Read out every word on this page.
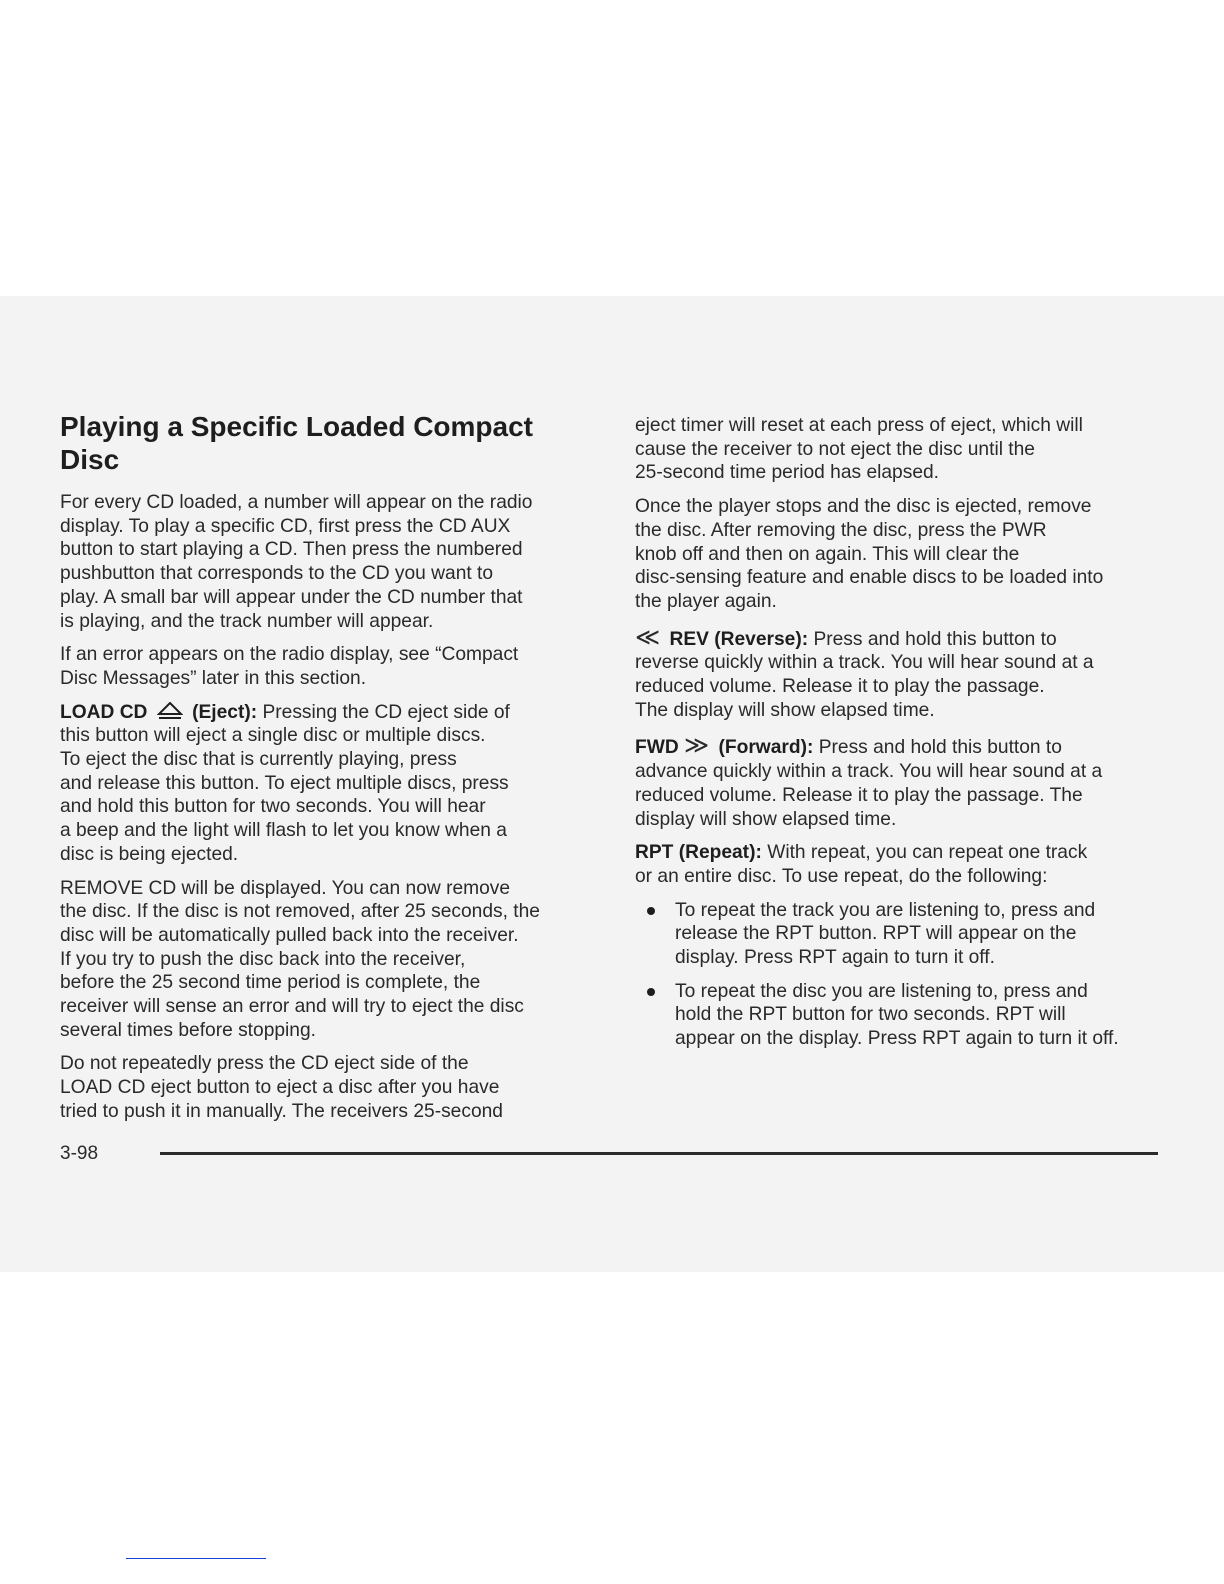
Playing a Specific Loaded Compact
Disc
For every CD loaded, a number will appear on the radio
display. To play a specific CD, first press the CD AUX
button to start playing a CD. Then press the numbered
pushbutton that corresponds to the CD you want to
play. A small bar will appear under the CD number that
is playing, and the track number will appear.
If an error appears on the radio display, see “Compact
Disc Messages” later in this section.
LOAD CD (Eject): Pressing the CD eject side of
this button will eject a single disc or multiple discs.
To eject the disc that is currently playing, press
and release this button. To eject multiple discs, press
and hold this button for two seconds. You will hear
a beep and the light will flash to let you know when a
disc is being ejected.
REMOVE CD will be displayed. You can now remove
the disc. If the disc is not removed, after 25 seconds, the
disc will be automatically pulled back into the receiver.
If you try to push the disc back into the receiver,
before the 25 second time period is complete, the
receiver will sense an error and will try to eject the disc
several times before stopping.
Do not repeatedly press the CD eject side of the
LOAD CD eject button to eject a disc after you have
tried to push it in manually. The receivers 25-second
eject timer will reset at each press of eject, which will
cause the receiver to not eject the disc until the
25-second time period has elapsed.
Once the player stops and the disc is ejected, remove
the disc. After removing the disc, press the PWR
knob off and then on again. This will clear the
disc-sensing feature and enable discs to be loaded into
the player again.
≪ REV (Reverse): Press and hold this button to
reverse quickly within a track. You will hear sound at a
reduced volume. Release it to play the passage.
The display will show elapsed time.
FWD ≫ (Forward): Press and hold this button to
advance quickly within a track. You will hear sound at a
reduced volume. Release it to play the passage. The
display will show elapsed time.
RPT (Repeat): With repeat, you can repeat one track
or an entire disc. To use repeat, do the following:
To repeat the track you are listening to, press and
release the RPT button. RPT will appear on the
display. Press RPT again to turn it off.
To repeat the disc you are listening to, press and
hold the RPT button for two seconds. RPT will
appear on the display. Press RPT again to turn it off.
3-98
